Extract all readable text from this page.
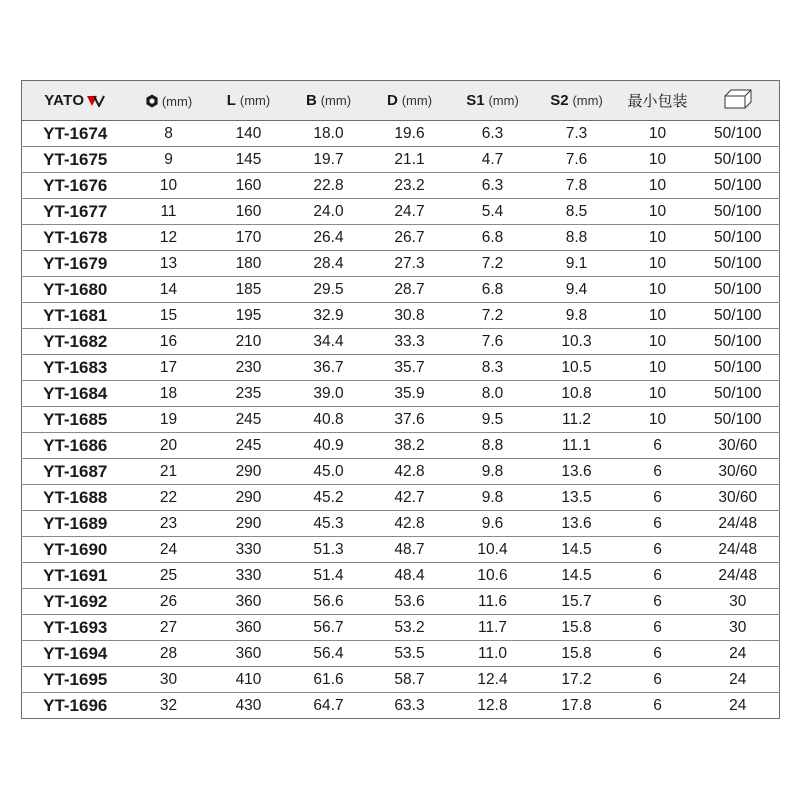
YATO	(mm)	L (mm)	B (mm)	D (mm)	S1 (mm)	S2 (mm)	最小包装	
YT-1674	8	140	18.0	19.6	6.3	7.3	10	50/100
YT-1675	9	145	19.7	21.1	4.7	7.6	10	50/100
YT-1676	10	160	22.8	23.2	6.3	7.8	10	50/100
YT-1677	11	160	24.0	24.7	5.4	8.5	10	50/100
YT-1678	12	170	26.4	26.7	6.8	8.8	10	50/100
YT-1679	13	180	28.4	27.3	7.2	9.1	10	50/100
YT-1680	14	185	29.5	28.7	6.8	9.4	10	50/100
YT-1681	15	195	32.9	30.8	7.2	9.8	10	50/100
YT-1682	16	210	34.4	33.3	7.6	10.3	10	50/100
YT-1683	17	230	36.7	35.7	8.3	10.5	10	50/100
YT-1684	18	235	39.0	35.9	8.0	10.8	10	50/100
YT-1685	19	245	40.8	37.6	9.5	11.2	10	50/100
YT-1686	20	245	40.9	38.2	8.8	11.1	6	30/60
YT-1687	21	290	45.0	42.8	9.8	13.6	6	30/60
YT-1688	22	290	45.2	42.7	9.8	13.5	6	30/60
YT-1689	23	290	45.3	42.8	9.6	13.6	6	24/48
YT-1690	24	330	51.3	48.7	10.4	14.5	6	24/48
YT-1691	25	330	51.4	48.4	10.6	14.5	6	24/48
YT-1692	26	360	56.6	53.6	11.6	15.7	6	30
YT-1693	27	360	56.7	53.2	11.7	15.8	6	30
YT-1694	28	360	56.4	53.5	11.0	15.8	6	24
YT-1695	30	410	61.6	58.7	12.4	17.2	6	24
YT-1696	32	430	64.7	63.3	12.8	17.8	6	24
